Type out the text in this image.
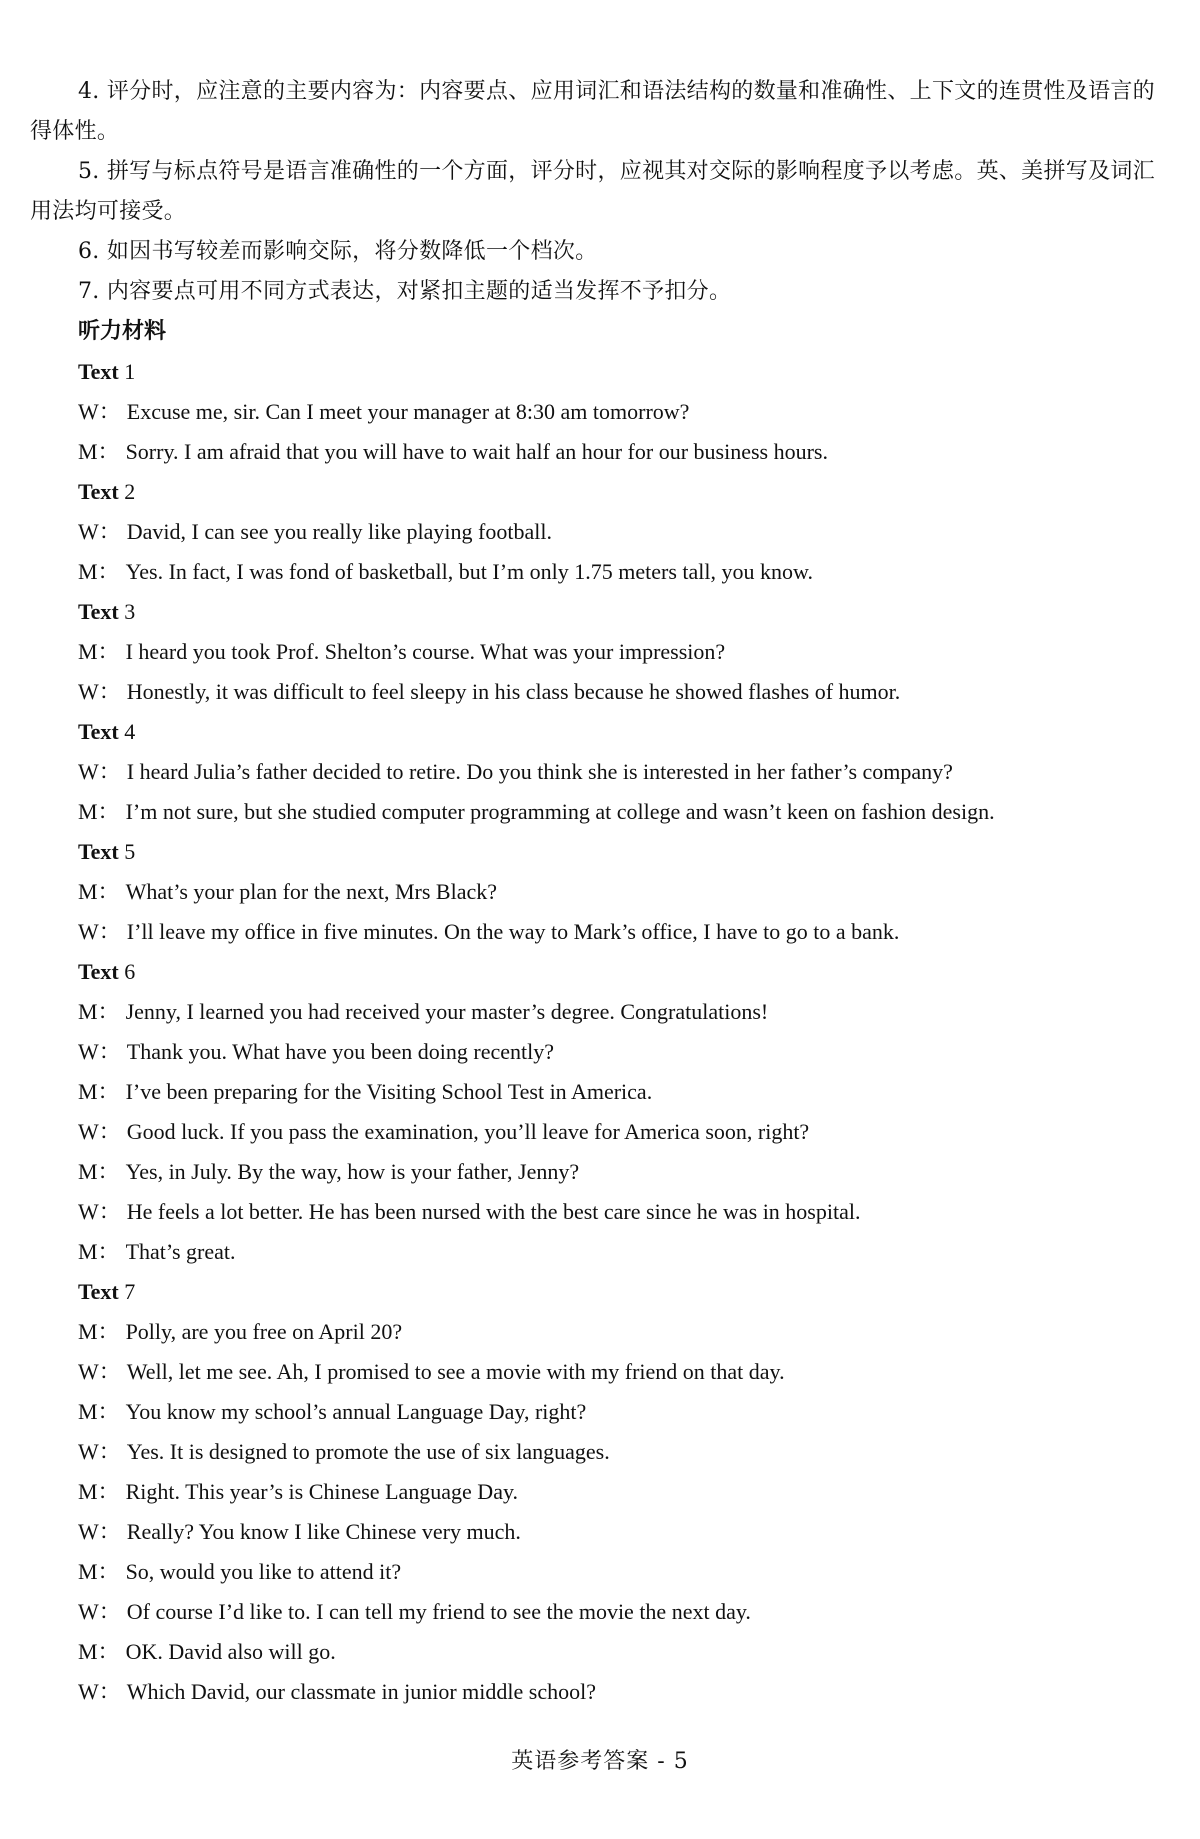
4. 评分时，应注意的主要内容为：内容要点、应用词汇和语法结构的数量和准确性、上下文的连贯性及语言的得体性。

5. 拼写与标点符号是语言准确性的一个方面，评分时，应视其对交际的影响程度予以考虑。英、美拼写及词汇用法均可接受。

6. 如因书写较差而影响交际，将分数降低一个档次。

7. 内容要点可用不同方式表达，对紧扣主题的适当发挥不予扣分。

听力材料

Text 1

W： Excuse me, sir. Can I meet your manager at 8:30 am tomorrow?

M： Sorry. I am afraid that you will have to wait half an hour for our business hours.

Text 2

W： David, I can see you really like playing football.

M： Yes. In fact, I was fond of basketball, but I’m only 1.75 meters tall, you know.

Text 3

M： I heard you took Prof. Shelton’s course. What was your impression?

W： Honestly, it was difficult to feel sleepy in his class because he showed flashes of humor.

Text 4

W： I heard Julia’s father decided to retire. Do you think she is interested in her father’s company?

M： I’m not sure, but she studied computer programming at college and wasn’t keen on fashion design.

Text 5

M： What’s your plan for the next, Mrs Black?

W： I’ll leave my office in five minutes. On the way to Mark’s office, I have to go to a bank.

Text 6

M： Jenny, I learned you had received your master’s degree. Congratulations!

W： Thank you. What have you been doing recently?

M： I’ve been preparing for the Visiting School Test in America.

W： Good luck. If you pass the examination, you’ll leave for America soon, right?

M： Yes, in July. By the way, how is your father, Jenny?

W： He feels a lot better. He has been nursed with the best care since he was in hospital.

M： That’s great.

Text 7

M： Polly, are you free on April 20?

W： Well, let me see. Ah, I promised to see a movie with my friend on that day.

M： You know my school’s annual Language Day, right?

W： Yes. It is designed to promote the use of six languages.

M： Right. This year’s is Chinese Language Day.

W： Really? You know I like Chinese very much.

M： So, would you like to attend it?

W： Of course I’d like to. I can tell my friend to see the movie the next day.

M： OK. David also will go.

W： Which David, our classmate in junior middle school?

英语参考答案 - 5
